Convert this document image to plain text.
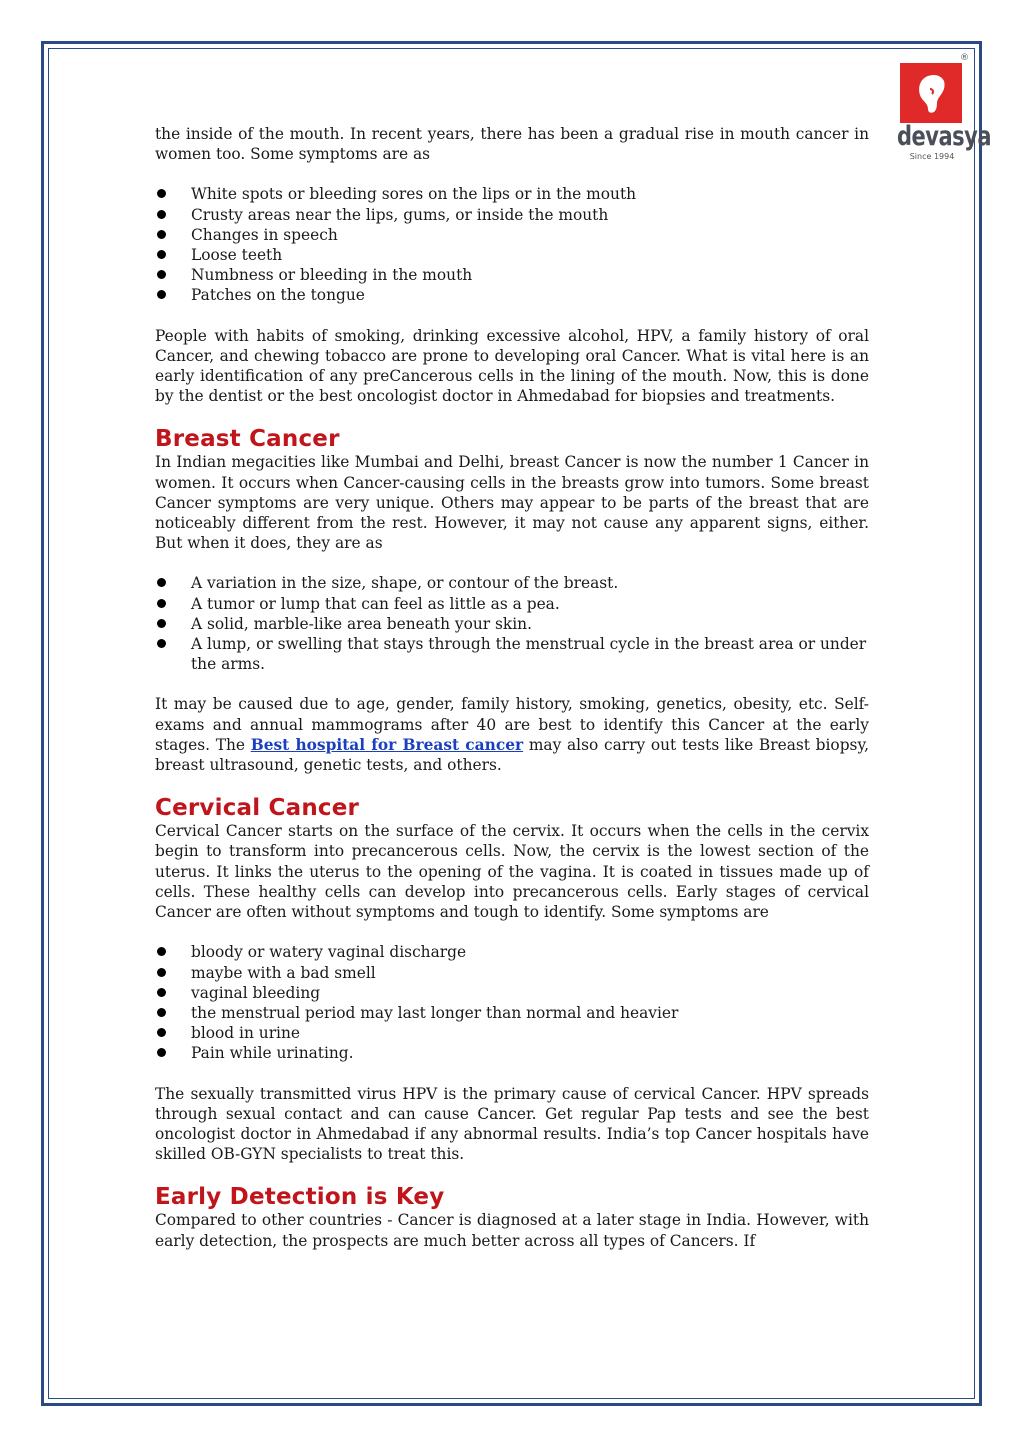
®
devasya
Since 1994

the inside of the mouth. In recent years, there has been a gradual rise in mouth cancer in women too. Some symptoms are as

White spots or bleeding sores on the lips or in the mouth
Crusty areas near the lips, gums, or inside the mouth
Changes in speech
Loose teeth
Numbness or bleeding in the mouth
Patches on the tongue

People with habits of smoking, drinking excessive alcohol, HPV, a family history of oral Cancer, and chewing tobacco are prone to developing oral Cancer. What is vital here is an early identification of any preCancerous cells in the lining of the mouth. Now, this is done by the dentist or the best oncologist doctor in Ahmedabad for biopsies and treatments.

Breast Cancer

In Indian megacities like Mumbai and Delhi, breast Cancer is now the number 1 Cancer in women. It occurs when Cancer-causing cells in the breasts grow into tumors. Some breast Cancer symptoms are very unique. Others may appear to be parts of the breast that are noticeably different from the rest. However, it may not cause any apparent signs, either. But when it does, they are as

A variation in the size, shape, or contour of the breast.
A tumor or lump that can feel as little as a pea.
A solid, marble-like area beneath your skin.
A lump, or swelling that stays through the menstrual cycle in the breast area or under the arms.

It may be caused due to age, gender, family history, smoking, genetics, obesity, etc. Self-exams and annual mammograms after 40 are best to identify this Cancer at the early stages. The Best hospital for Breast cancer may also carry out tests like Breast biopsy, breast ultrasound, genetic tests, and others.

Cervical Cancer

Cervical Cancer starts on the surface of the cervix. It occurs when the cells in the cervix begin to transform into precancerous cells. Now, the cervix is the lowest section of the uterus. It links the uterus to the opening of the vagina. It is coated in tissues made up of cells. These healthy cells can develop into precancerous cells. Early stages of cervical Cancer are often without symptoms and tough to identify. Some symptoms are

bloody or watery vaginal discharge
maybe with a bad smell
vaginal bleeding
the menstrual period may last longer than normal and heavier
blood in urine
Pain while urinating.

The sexually transmitted virus HPV is the primary cause of cervical Cancer. HPV spreads through sexual contact and can cause Cancer. Get regular Pap tests and see the best oncologist doctor in Ahmedabad if any abnormal results. India’s top Cancer hospitals have skilled OB-GYN specialists to treat this.

Early Detection is Key

Compared to other countries - Cancer is diagnosed at a later stage in India. However, with early detection, the prospects are much better across all types of Cancers. If
